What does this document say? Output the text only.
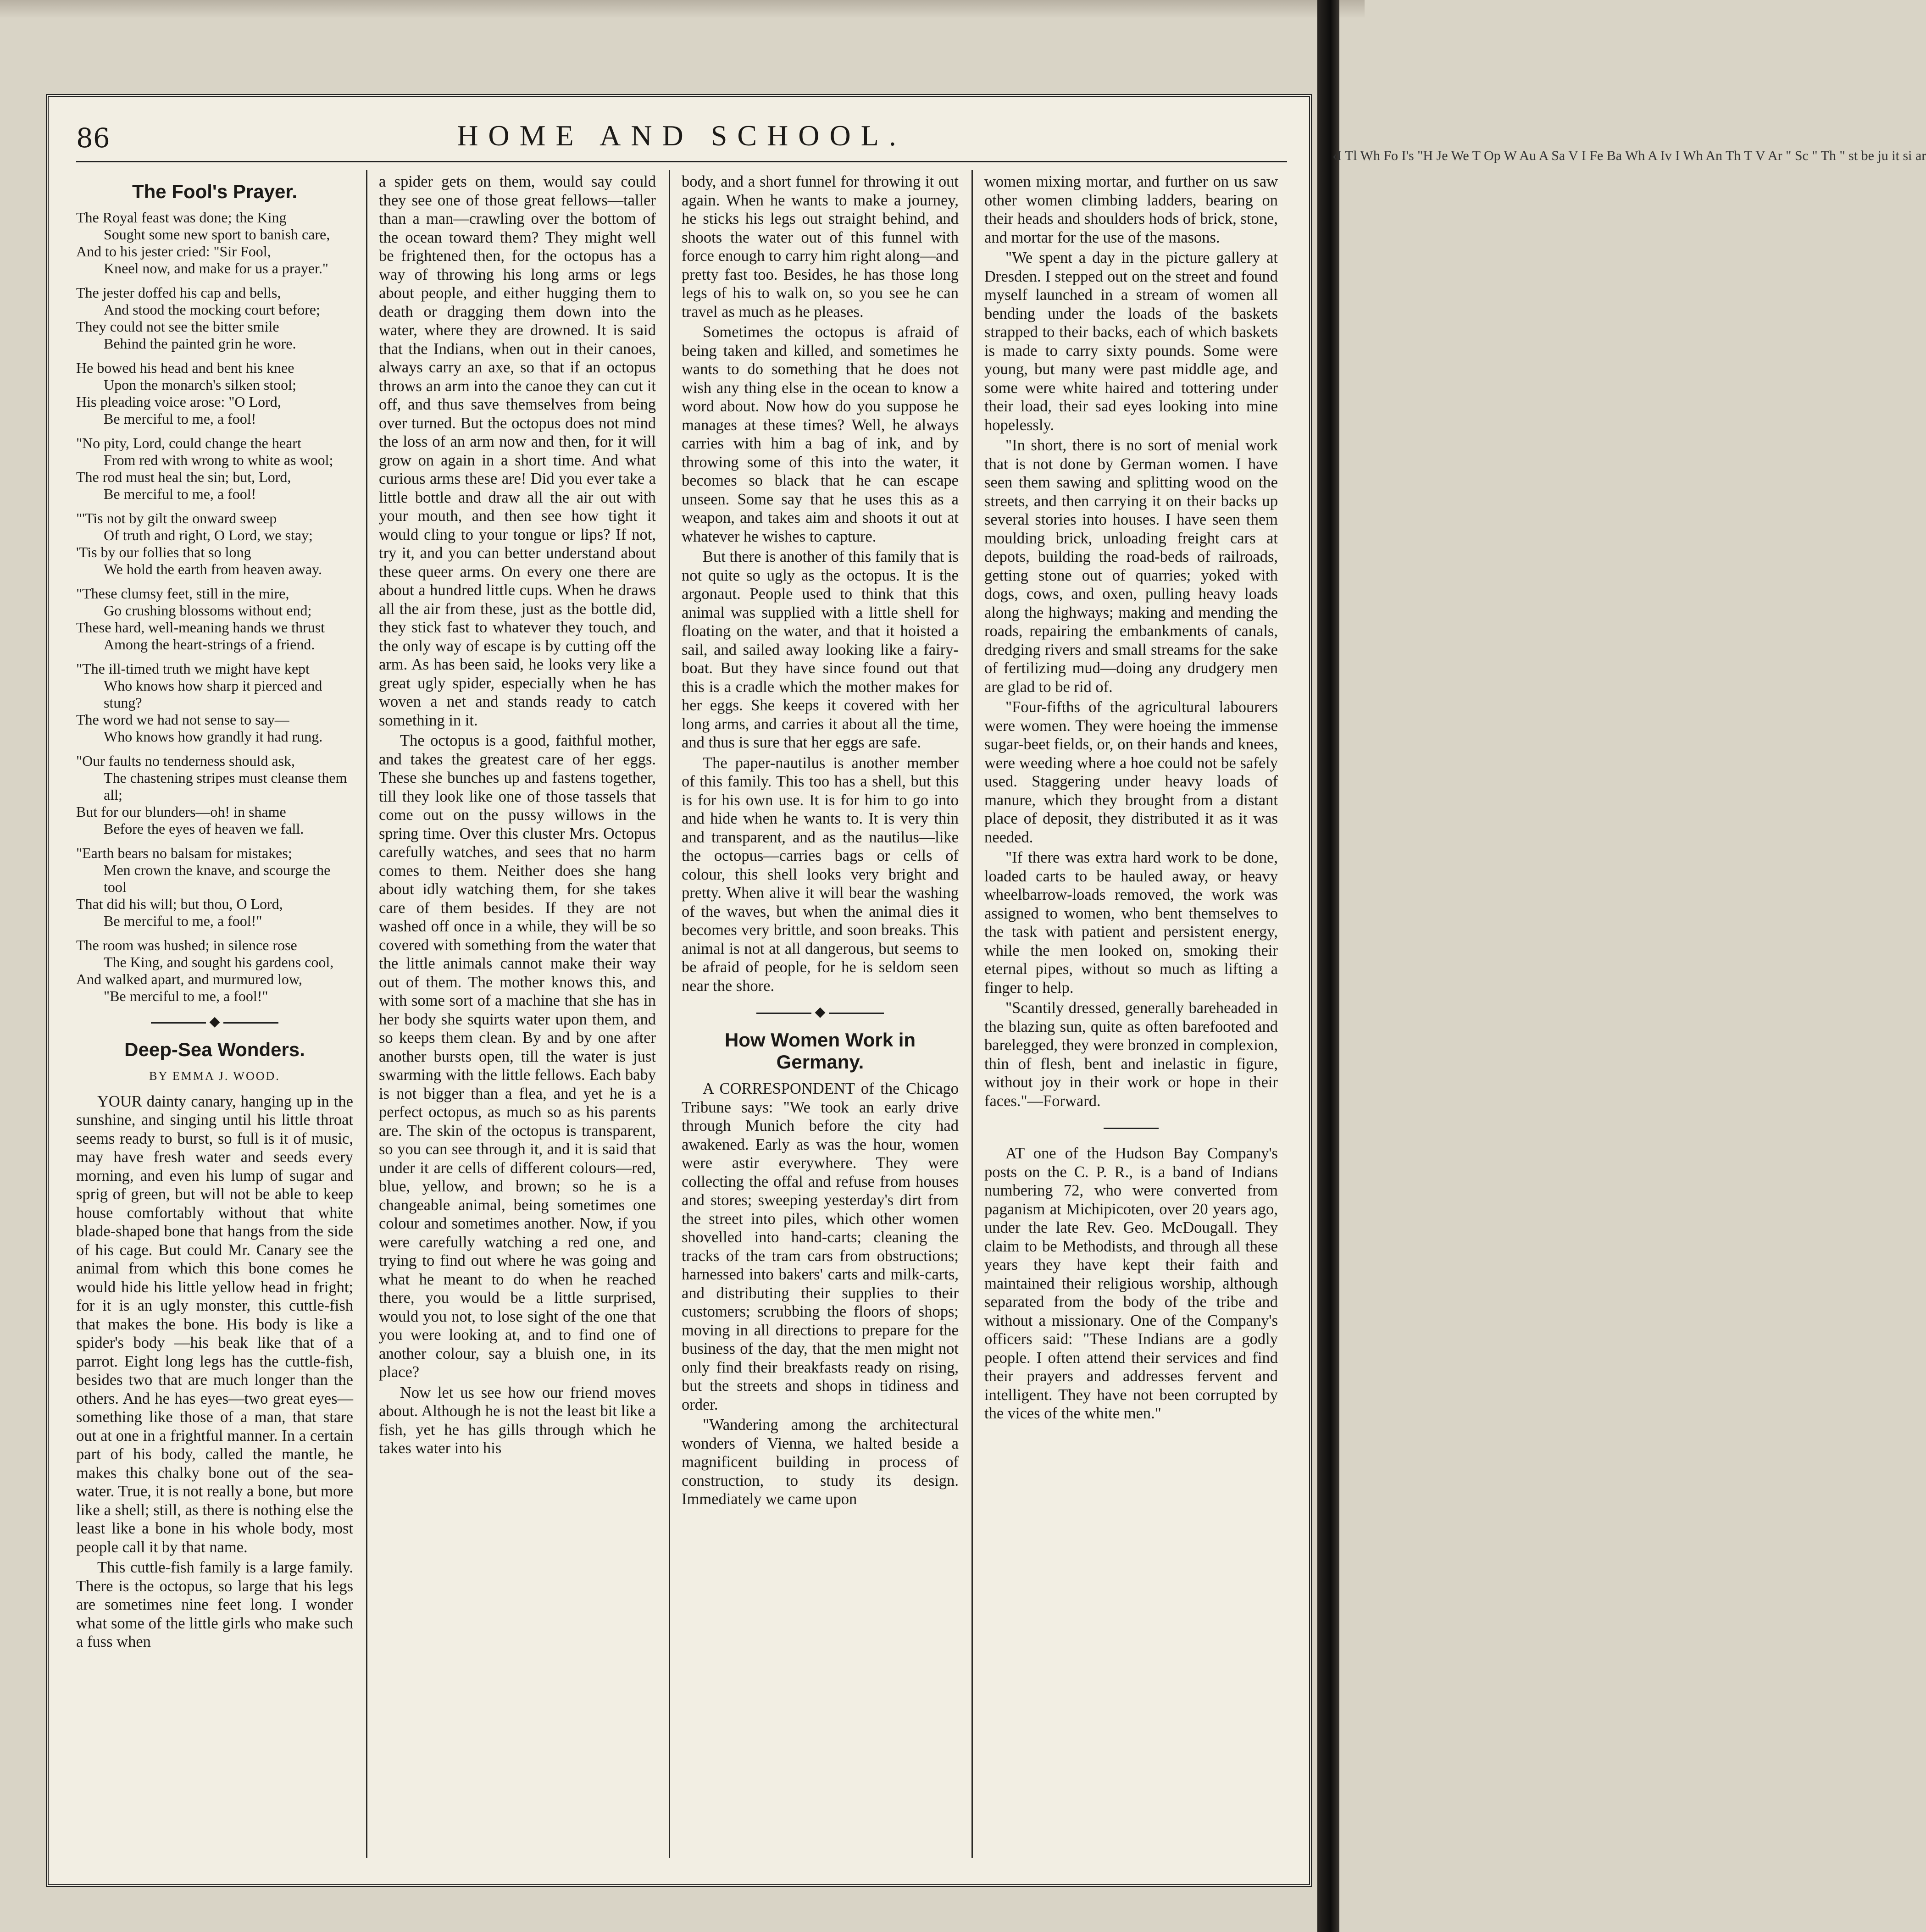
‹I Tl Wh Fo I's "H Je We T Op W Au A Sa V I Fe Ba Wh A Iv I Wh An Th T V Ar " Sc " Th " st be ju it si ar
86	HOME AND SCHOOL.
The Fool's Prayer.

The Royal feast was done; the King

Sought some new sport to banish care,

And to his jester cried: "Sir Fool,

Kneel now, and make for us a prayer."

The jester doffed his cap and bells,

And stood the mocking court before;

They could not see the bitter smile

Behind the painted grin he wore.

He bowed his head and bent his knee

Upon the monarch's silken stool;

His pleading voice arose: "O Lord,

Be merciful to me, a fool!

"No pity, Lord, could change the heart

From red with wrong to white as wool;

The rod must heal the sin; but, Lord,

Be merciful to me, a fool!

"'Tis not by gilt the onward sweep

Of truth and right, O Lord, we stay;

'Tis by our follies that so long

We hold the earth from heaven away.

"These clumsy feet, still in the mire,

Go crushing blossoms without end;

These hard, well-meaning hands we thrust

Among the heart-strings of a friend.

"The ill-timed truth we might have kept

Who knows how sharp it pierced and stung?

The word we had not sense to say—

Who knows how grandly it had rung.

"Our faults no tenderness should ask,

The chastening stripes must cleanse them all;

But for our blunders—oh! in shame

Before the eyes of heaven we fall.

"Earth bears no balsam for mistakes;

Men crown the knave, and scourge the tool

That did his will; but thou, O Lord,

Be merciful to me, a fool!"

The room was hushed; in silence rose

The King, and sought his gardens cool,

And walked apart, and murmured low,

"Be merciful to me, a fool!"

◆
Deep-Sea Wonders.
BY EMMA J. WOOD.

YOUR dainty canary, hanging up in the sunshine, and singing until his little throat seems ready to burst, so full is it of music, may have fresh water and seeds every morning, and even his lump of sugar and sprig of green, but will not be able to keep house comfortably without that white blade-shaped bone that hangs from the side of his cage. But could Mr. Canary see the animal from which this bone comes he would hide his little yellow head in fright; for it is an ugly monster, this cuttle-fish that makes the bone. His body is like a spider's body —his beak like that of a parrot. Eight long legs has the cuttle-fish, besides two that are much longer than the others. And he has eyes—two great eyes—something like those of a man, that stare out at one in a frightful manner. In a certain part of his body, called the mantle, he makes this chalky bone out of the sea-water. True, it is not really a bone, but more like a shell; still, as there is nothing else the least like a bone in his whole body, most people call it by that name.

This cuttle-fish family is a large family. There is the octopus, so large that his legs are sometimes nine feet long. I wonder what some of the little girls who make such a fuss when

a spider gets on them, would say could they see one of those great fellows—taller than a man—crawling over the bottom of the ocean toward them? They might well be frightened then, for the octopus has a way of throwing his long arms or legs about people, and either hugging them to death or dragging them down into the water, where they are drowned. It is said that the Indians, when out in their canoes, always carry an axe, so that if an octopus throws an arm into the canoe they can cut it off, and thus save themselves from being over turned. But the octopus does not mind the loss of an arm now and then, for it will grow on again in a short time. And what curious arms these are! Did you ever take a little bottle and draw all the air out with your mouth, and then see how tight it would cling to your tongue or lips? If not, try it, and you can better understand about these queer arms. On every one there are about a hundred little cups. When he draws all the air from these, just as the bottle did, they stick fast to whatever they touch, and the only way of escape is by cutting off the arm. As has been said, he looks very like a great ugly spider, especially when he has woven a net and stands ready to catch something in it.

The octopus is a good, faithful mother, and takes the greatest care of her eggs. These she bunches up and fastens together, till they look like one of those tassels that come out on the pussy willows in the spring time. Over this cluster Mrs. Octopus carefully watches, and sees that no harm comes to them. Neither does she hang about idly watching them, for she takes care of them besides. If they are not washed off once in a while, they will be so covered with something from the water that the little animals cannot make their way out of them. The mother knows this, and with some sort of a machine that she has in her body she squirts water upon them, and so keeps them clean. By and by one after another bursts open, till the water is just swarming with the little fellows. Each baby is not bigger than a flea, and yet he is a perfect octopus, as much so as his parents are. The skin of the octopus is transparent, so you can see through it, and it is said that under it are cells of different colours—red, blue, yellow, and brown; so he is a changeable animal, being sometimes one colour and sometimes another. Now, if you were carefully watching a red one, and trying to find out where he was going and what he meant to do when he reached there, you would be a little surprised, would you not, to lose sight of the one that you were looking at, and to find one of another colour, say a bluish one, in its place?

Now let us see how our friend moves about. Although he is not the least bit like a fish, yet he has gills through which he takes water into his

body, and a short funnel for throwing it out again. When he wants to make a journey, he sticks his legs out straight behind, and shoots the water out of this funnel with force enough to carry him right along—and pretty fast too. Besides, he has those long legs of his to walk on, so you see he can travel as much as he pleases.

Sometimes the octopus is afraid of being taken and killed, and sometimes he wants to do something that he does not wish any thing else in the ocean to know a word about. Now how do you suppose he manages at these times? Well, he always carries with him a bag of ink, and by throwing some of this into the water, it becomes so black that he can escape unseen. Some say that he uses this as a weapon, and takes aim and shoots it out at whatever he wishes to capture.

But there is another of this family that is not quite so ugly as the octopus. It is the argonaut. People used to think that this animal was supplied with a little shell for floating on the water, and that it hoisted a sail, and sailed away looking like a fairy-boat. But they have since found out that this is a cradle which the mother makes for her eggs. She keeps it covered with her long arms, and carries it about all the time, and thus is sure that her eggs are safe.

The paper-nautilus is another member of this family. This too has a shell, but this is for his own use. It is for him to go into and hide when he wants to. It is very thin and transparent, and as the nautilus—like the octopus—carries bags or cells of colour, this shell looks very bright and pretty. When alive it will bear the washing of the waves, but when the animal dies it becomes very brittle, and soon breaks. This animal is not at all dangerous, but seems to be afraid of people, for he is seldom seen near the shore.

◆
How Women Work in Germany.

A CORRESPONDENT of the Chicago Tribune says: "We took an early drive through Munich before the city had awakened. Early as was the hour, women were astir everywhere. They were collecting the offal and refuse from houses and stores; sweeping yesterday's dirt from the street into piles, which other women shovelled into hand-carts; cleaning the tracks of the tram cars from obstructions; harnessed into bakers' carts and milk-carts, and distributing their supplies to their customers; scrubbing the floors of shops; moving in all directions to prepare for the business of the day, that the men might not only find their breakfasts ready on rising, but the streets and shops in tidiness and order.

"Wandering among the architectural wonders of Vienna, we halted beside a magnificent building in process of construction, to study its design. Immediately we came upon

women mixing mortar, and further on us saw other women climbing ladders, bearing on their heads and shoulders hods of brick, stone, and mortar for the use of the masons.

"We spent a day in the picture gallery at Dresden. I stepped out on the street and found myself launched in a stream of women all bending under the loads of the baskets strapped to their backs, each of which baskets is made to carry sixty pounds. Some were young, but many were past middle age, and some were white haired and tottering under their load, their sad eyes looking into mine hopelessly.

"In short, there is no sort of menial work that is not done by German women. I have seen them sawing and splitting wood on the streets, and then carrying it on their backs up several stories into houses. I have seen them moulding brick, unloading freight cars at depots, building the road-beds of railroads, getting stone out of quarries; yoked with dogs, cows, and oxen, pulling heavy loads along the highways; making and mending the roads, repairing the embankments of canals, dredging rivers and small streams for the sake of fertilizing mud—doing any drudgery men are glad to be rid of.

"Four-fifths of the agricultural labourers were women. They were hoeing the immense sugar-beet fields, or, on their hands and knees, were weeding where a hoe could not be safely used. Staggering under heavy loads of manure, which they brought from a distant place of deposit, they distributed it as it was needed.

"If there was extra hard work to be done, loaded carts to be hauled away, or heavy wheelbarrow-loads removed, the work was assigned to women, who bent themselves to the task with patient and persistent energy, while the men looked on, smoking their eternal pipes, without so much as lifting a finger to help.

"Scantily dressed, generally bareheaded in the blazing sun, quite as often barefooted and barelegged, they were bronzed in complexion, thin of flesh, bent and inelastic in figure, without joy in their work or hope in their faces."—Forward.

AT one of the Hudson Bay Company's posts on the C. P. R., is a band of Indians numbering 72, who were converted from paganism at Michipicoten, over 20 years ago, under the late Rev. Geo. McDougall. They claim to be Methodists, and through all these years they have kept their faith and maintained their religious worship, although separated from the body of the tribe and without a missionary. One of the Company's officers said: "These Indians are a godly people. I often attend their services and find their prayers and addresses fervent and intelligent. They have not been corrupted by the vices of the white men."
